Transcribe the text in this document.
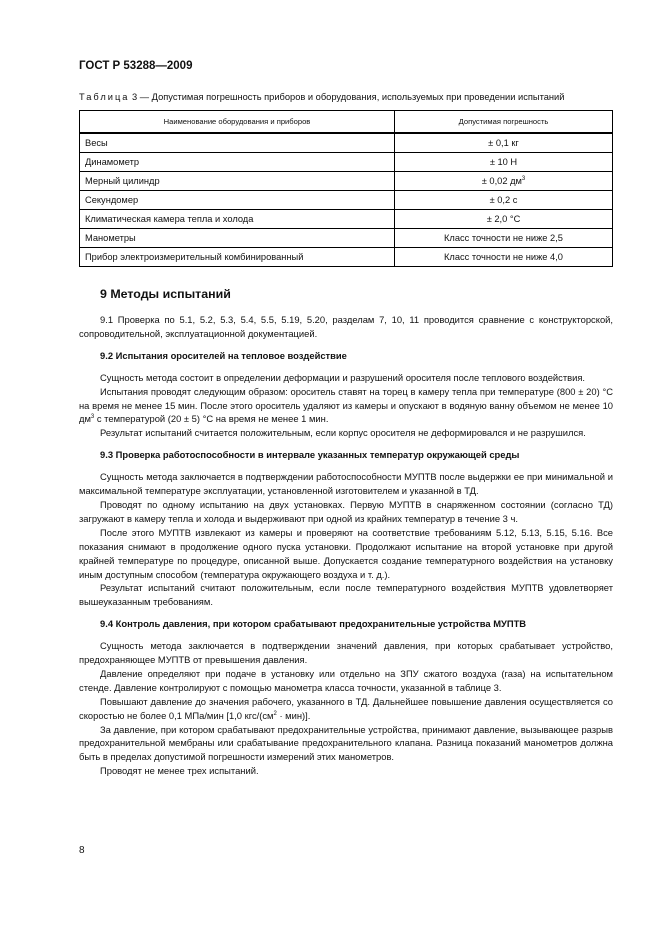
ГОСТ Р 53288—2009
Таблица 3 — Допустимая погрешность приборов и оборудования, используемых при проведении испытаний
Наименование оборудования и приборов	Допустимая погрешность
Весы	± 0,1 кг
Динамометр	± 10 Н
Мерный цилиндр	± 0,02 $дм^3$
Секундомер	± 0,2 с
Климатическая камера тепла и холода	± 2,0 °С
Манометры	Класс точности не ниже 2,5
Прибор электроизмерительный комбинированный	Класс точности не ниже 4,0
9 Методы испытаний

9.1 Проверка по 5.1, 5.2, 5.3, 5.4, 5.5, 5.19, 5.20, разделам 7, 10, 11 проводится сравнение с конструкторской, сопроводительной, эксплуатационной документацией.

9.2 Испытания оросителей на тепловое воздействие

Сущность метода состоит в определении деформации и разрушений оросителя после теплового воздействия.

Испытания проводят следующим образом: ороситель ставят на торец в камеру тепла при температуре (800 ± 20) °С на время не менее 15 мин. После этого ороситель удаляют из камеры и опускают в водяную ванну объемом не менее 10 $дм^3$ с температурой (20 ± 5) °С на время не менее 1 мин.

Результат испытаний считается положительным, если корпус оросителя не деформировался и не разрушился.

9.3 Проверка работоспособности в интервале указанных температур окружающей среды

Сущность метода заключается в подтверждении работоспособности МУПТВ после выдержки ее при минимальной и максимальной температуре эксплуатации, установленной изготовителем и указанной в ТД.

Проводят по одному испытанию на двух установках. Первую МУПТВ в снаряженном состоянии (согласно ТД) загружают в камеру тепла и холода и выдерживают при одной из крайних температур в течение 3 ч.

После этого МУПТВ извлекают из камеры и проверяют на соответствие требованиям 5.12, 5.13, 5.15, 5.16. Все показания снимают в продолжение одного пуска установки. Продолжают испытание на второй установке при другой крайней температуре по процедуре, описанной выше. Допускается создание температурного воздействия на установку иным доступным способом (температура окружающего воздуха и т. д.).

Результат испытаний считают положительным, если после температурного воздействия МУПТВ удовлетворяет вышеуказанным требованиям.

9.4 Контроль давления, при котором срабатывают предохранительные устройства МУПТВ

Сущность метода заключается в подтверждении значений давления, при которых срабатывает устройство, предохраняющее МУПТВ от превышения давления.

Давление определяют при подаче в установку или отдельно на ЗПУ сжатого воздуха (газа) на испытательном стенде. Давление контролируют с помощью манометра класса точности, указанной в таблице 3.

Повышают давление до значения рабочего, указанного в ТД. Дальнейшее повышение давления осуществляется со скоростью не более 0,1 МПа/мин [1,0 кгс/$(см^2 \cdot мин)$].

За давление, при котором срабатывают предохранительные устройства, принимают давление, вызывающее разрыв предохранительной мембраны или срабатывание предохранительного клапана. Разница показаний манометров должна быть в пределах допустимой погрешности измерений этих манометров.

Проводят не менее трех испытаний.

8
